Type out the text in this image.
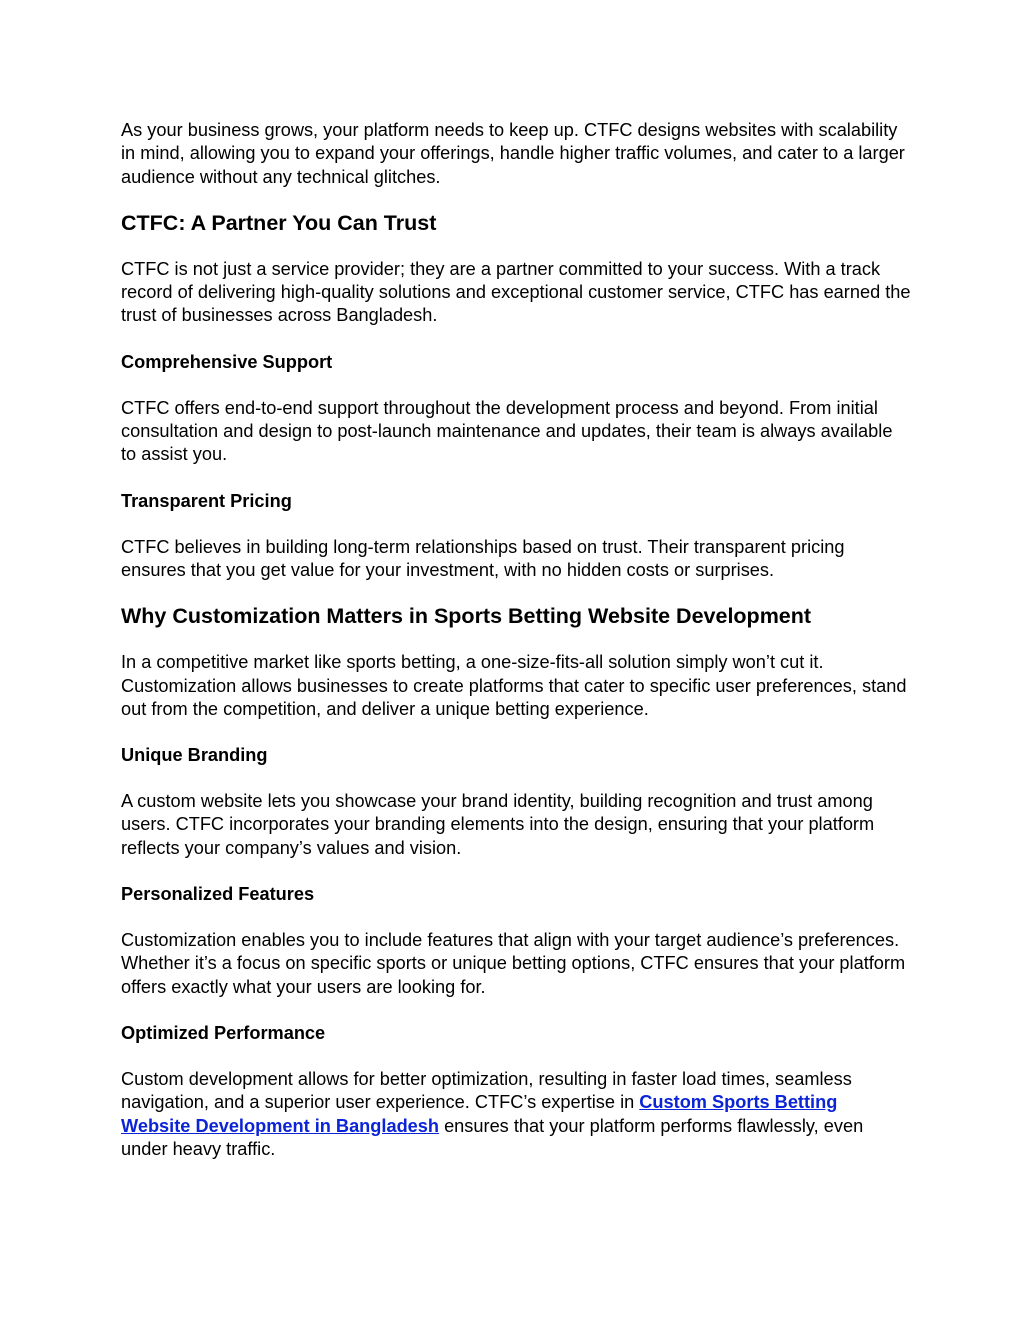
As your business grows, your platform needs to keep up. CTFC designs websites with scalability in mind, allowing you to expand your offerings, handle higher traffic volumes, and cater to a larger audience without any technical glitches.

CTFC: A Partner You Can Trust

CTFC is not just a service provider; they are a partner committed to your success. With a track record of delivering high-quality solutions and exceptional customer service, CTFC has earned the trust of businesses across Bangladesh.

Comprehensive Support

CTFC offers end-to-end support throughout the development process and beyond. From initial consultation and design to post-launch maintenance and updates, their team is always available to assist you.

Transparent Pricing

CTFC believes in building long-term relationships based on trust. Their transparent pricing ensures that you get value for your investment, with no hidden costs or surprises.

Why Customization Matters in Sports Betting Website Development

In a competitive market like sports betting, a one-size-fits-all solution simply won’t cut it. Customization allows businesses to create platforms that cater to specific user preferences, stand out from the competition, and deliver a unique betting experience.

Unique Branding

A custom website lets you showcase your brand identity, building recognition and trust among users. CTFC incorporates your branding elements into the design, ensuring that your platform reflects your company’s values and vision.

Personalized Features

Customization enables you to include features that align with your target audience’s preferences. Whether it’s a focus on specific sports or unique betting options, CTFC ensures that your platform offers exactly what your users are looking for.

Optimized Performance

Custom development allows for better optimization, resulting in faster load times, seamless navigation, and a superior user experience. CTFC’s expertise in Custom Sports Betting Website Development in Bangladesh ensures that your platform performs flawlessly, even under heavy traffic.
